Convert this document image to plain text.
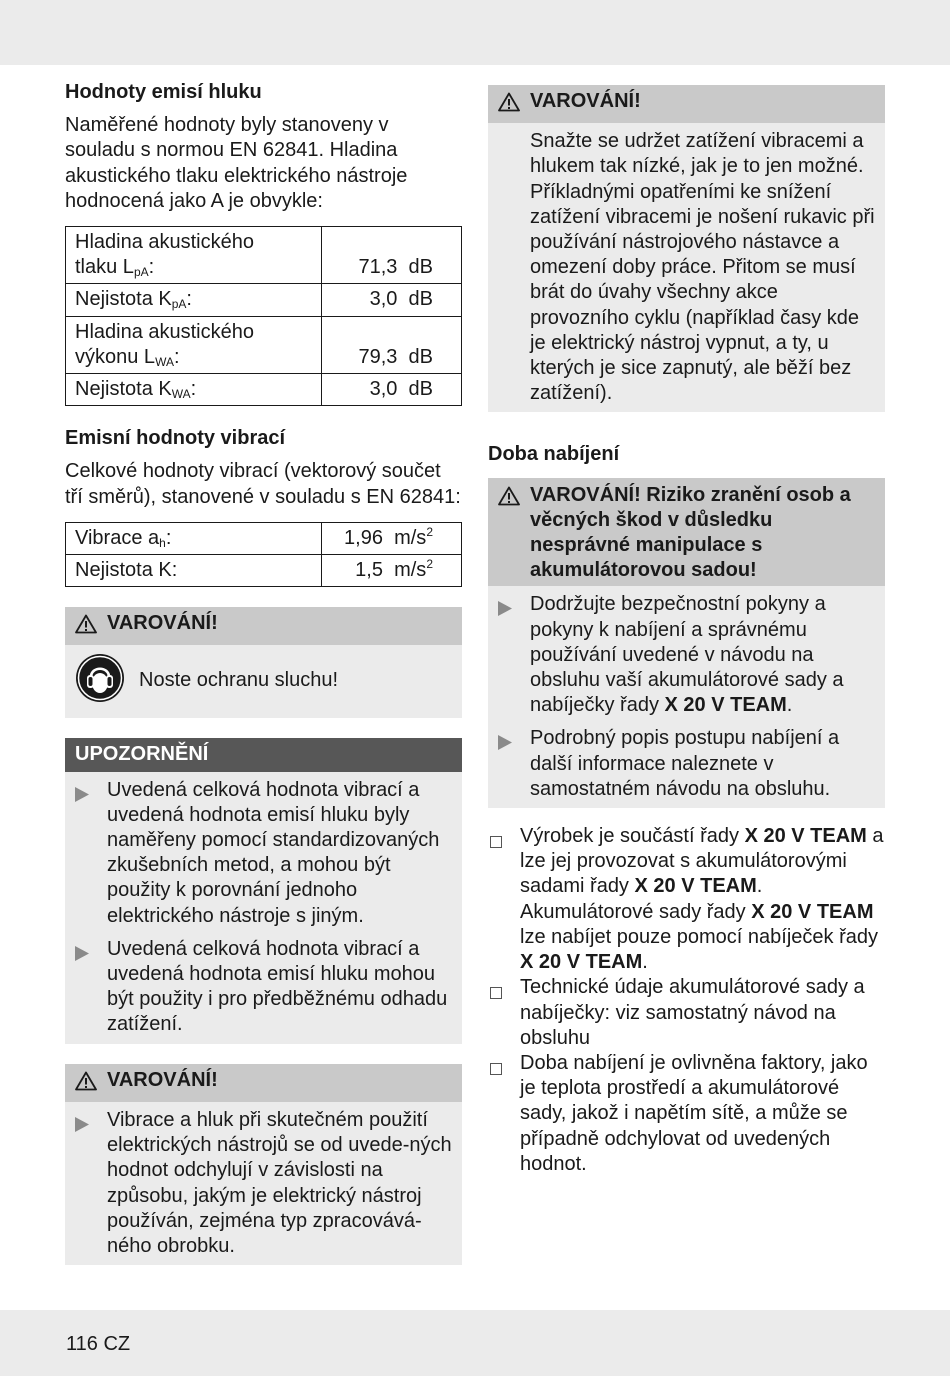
Hodnoty emisí hluku

Naměřené hodnoty byly stanoveny v souladu s normou EN 62841. Hladina akustického tlaku elektrického nástroje hodnocená jako A je obvykle:

Hladina akustického
tlaku $L_{pA}$:	71,3  dB
Nejistota $K_{pA}$:	3,0  dB
Hladina akustického
výkonu $L_{WA}$:	79,3  dB
Nejistota $K_{WA}$:	3,0  dB
Emisní hodnoty vibrací

Celkové hodnoty vibrací (vektorový součet tří směrů), stanovené v souladu s EN 62841:

Vibrace $a_h$:	1,96  $m/s^2$
Nejistota K:	1,5  $m/s^2$
VAROVÁNÍ!
Noste ochranu sluchu!
UPOZORNĚNÍ
Uvedená celková hodnota vibrací a uvedená hodnota emisí hluku byly naměřeny pomocí standardizovaných zkušebních metod, a mohou být použity k porovnání jednoho elektrického nástroje s jiným.
Uvedená celková hodnota vibrací a uvedená hodnota emisí hluku mohou být použity i pro předběžnému odhadu zatížení.
VAROVÁNÍ!
Vibrace a hluk při skutečném použití elektrických nástrojů se od uvede-ných hodnot odchylují v závislosti na způsobu, jakým je elektrický nástroj používán, zejména typ zpracovává-ného obrobku.
VAROVÁNÍ!

Snažte se udržet zatížení vibracemi a hlukem tak nízké, jak je to jen možné. Příkladnými opatřeními ke snížení zatížení vibracemi je nošení rukavic při používání nástrojového nástavce a omezení doby práce. Přitom se musí brát do úvahy všechny akce provozního cyklu (například časy kde je elektrický nástroj vypnut, a ty, u kterých je sice zapnutý, ale běží bez zatížení).

Doba nabíjení
VAROVÁNÍ! Riziko zranění osob a věcných škod v důsledku nesprávné manipulace s akumulátorovou sadou!
Dodržujte bezpečnostní pokyny a pokyny k nabíjení a správnému používání uvedené v návodu na obsluhu vaší akumulátorové sady a nabíječky řady X 20 V TEAM.
Podrobný popis postupu nabíjení a další informace naleznete v samostatném návodu na obsluhu.
Výrobek je součástí řady X 20 V TEAM a lze jej provozovat s akumulátorovými sadami řady X 20 V TEAM. Akumulátorové sady řady X 20 V TEAM lze nabíjet pouze pomocí nabíječek řady X 20 V TEAM.
Technické údaje akumulátorové sady a nabíječky: viz samostatný návod na obsluhu
Doba nabíjení je ovlivněna faktory, jako je teplota prostředí a akumulátorové sady, jakož i napětím sítě, a může se případně odchylovat od uvedených hodnot.
116 CZ
